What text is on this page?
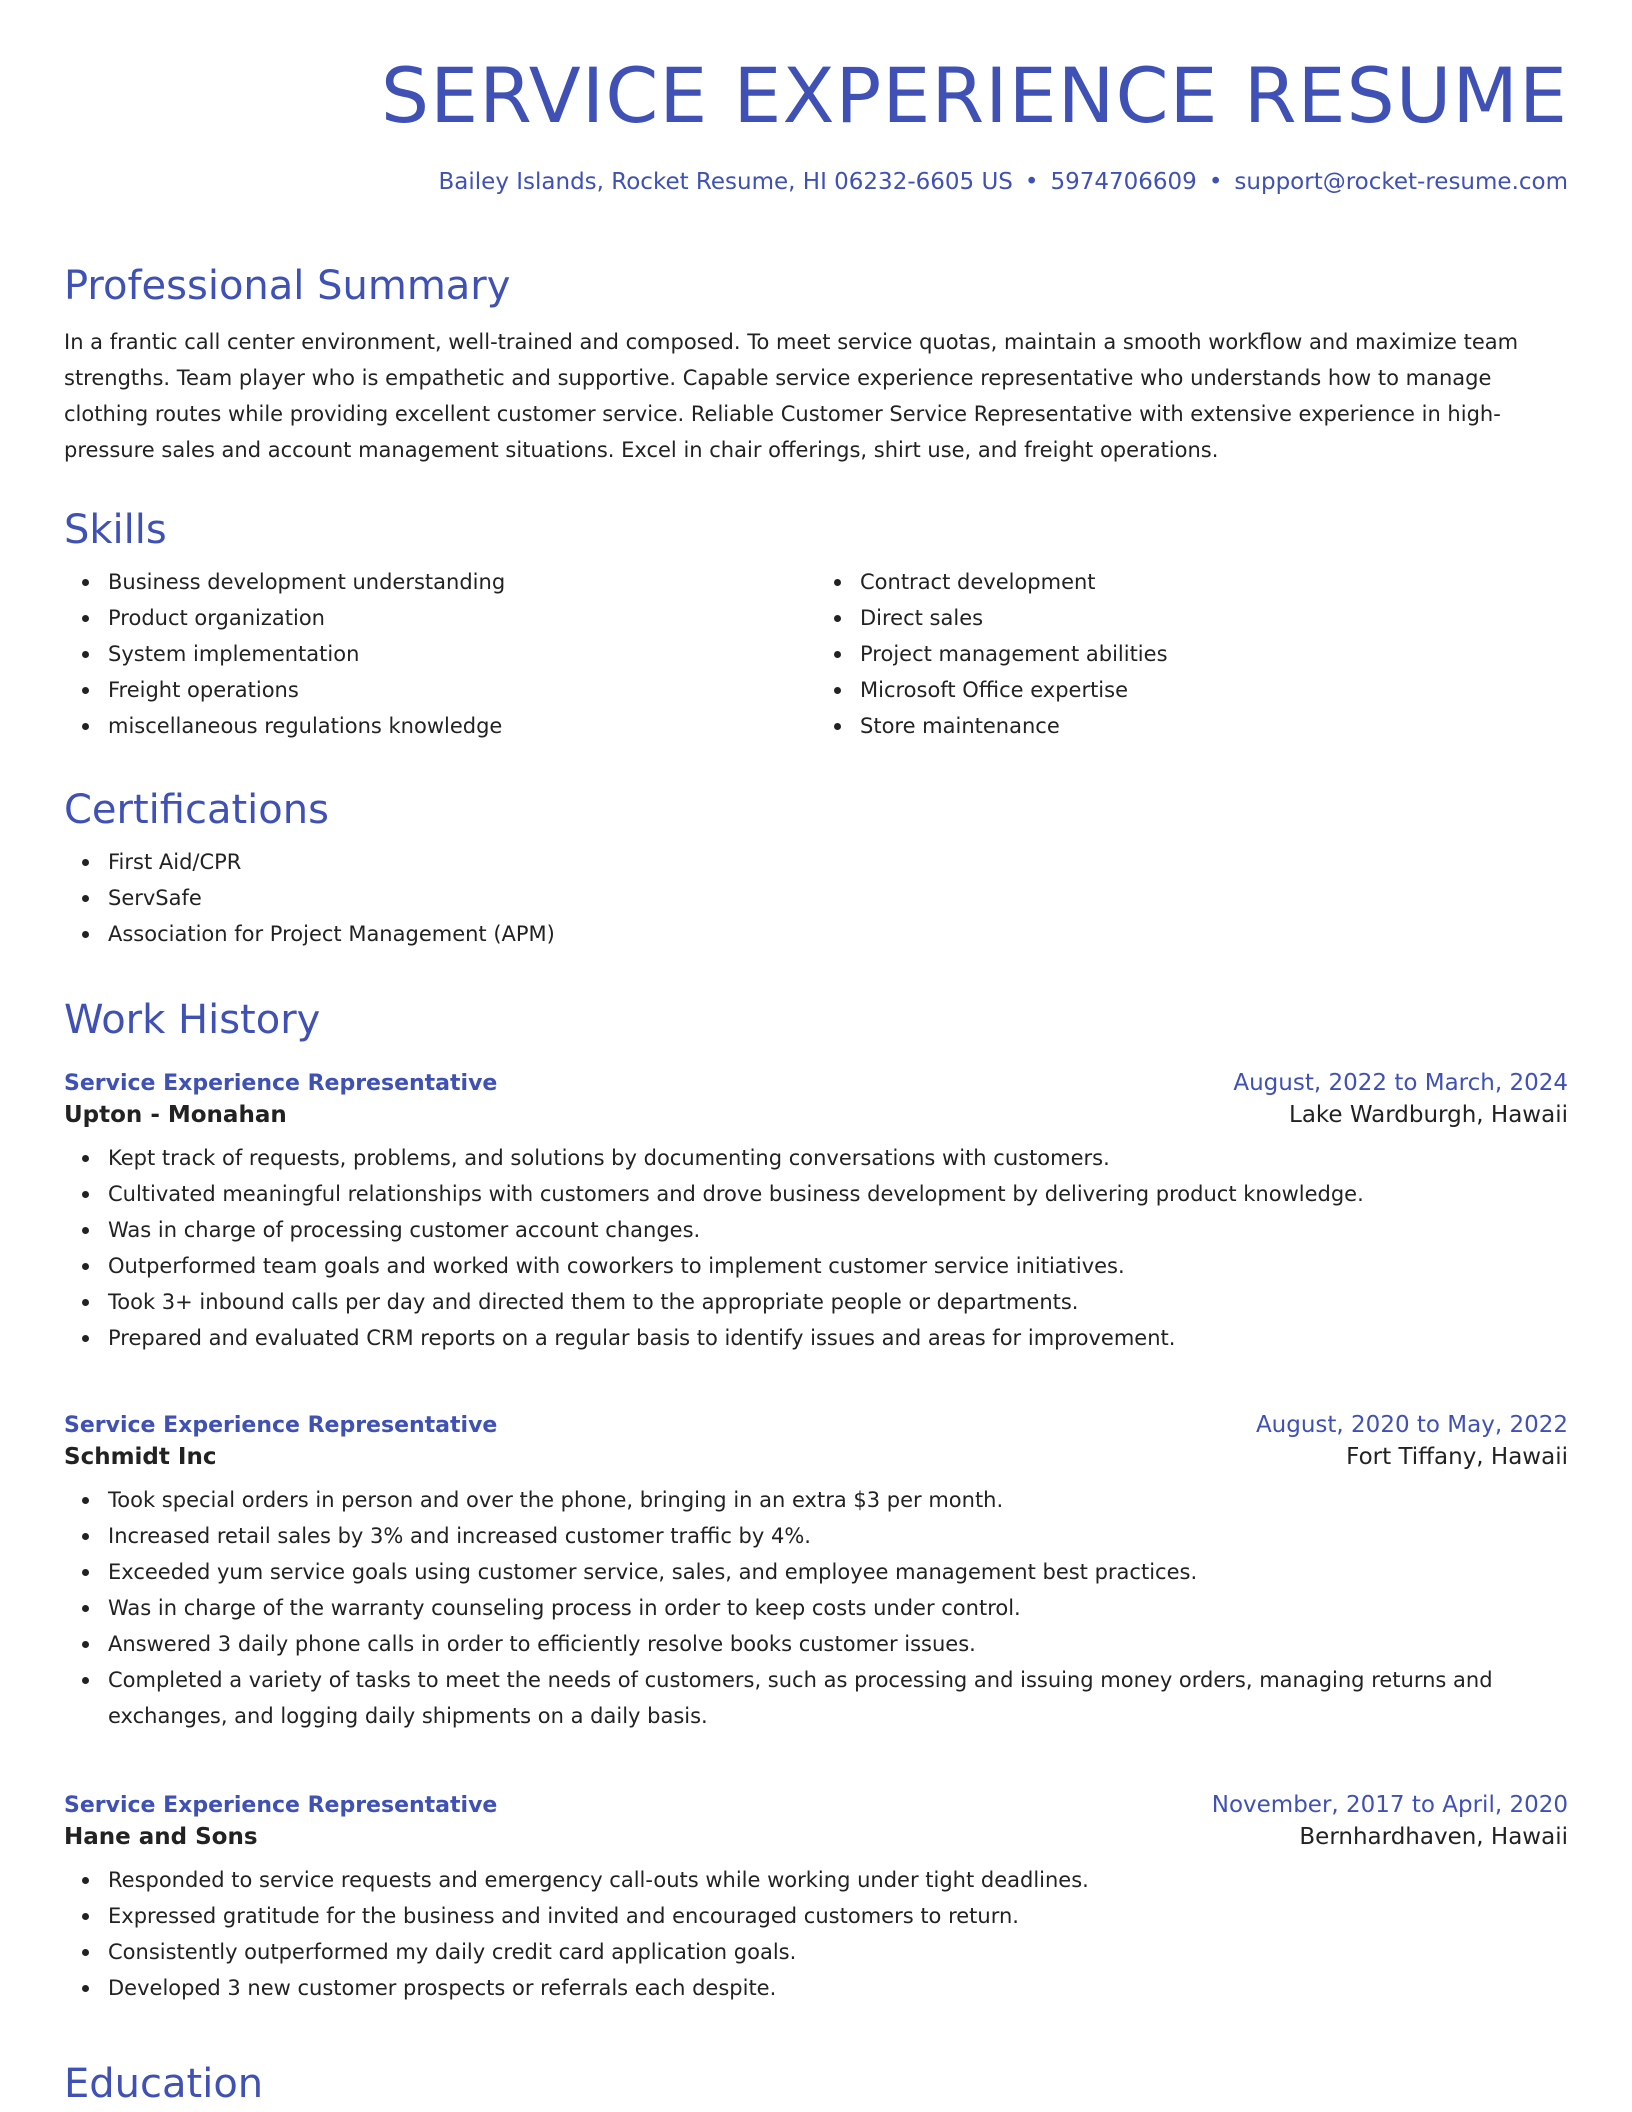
SERVICE EXPERIENCE RESUME
Bailey Islands, Rocket Resume, HI 06232-6605 US • 5974706609 • support@rocket-resume.com
Professional Summary

In a frantic call center environment, well-trained and composed. To meet service quotas, maintain a smooth workflow and maximize team strengths. Team player who is empathetic and supportive. Capable service experience representative who understands how to manage clothing routes while providing excellent customer service. Reliable Customer Service Representative with extensive experience in high-pressure sales and account management situations. Excel in chair offerings, shirt use, and freight operations.

Skills
Business development understanding
Product organization
System implementation
Freight operations
miscellaneous regulations knowledge
Contract development
Direct sales
Project management abilities
Microsoft Office expertise
Store maintenance
Certifications
First Aid/CPR
ServSafe
Association for Project Management (APM)
Work History
Service Experience Representative	August, 2022 to March, 2024
Upton - Monahan	Lake Wardburgh, Hawaii
Kept track of requests, problems, and solutions by documenting conversations with customers.
Cultivated meaningful relationships with customers and drove business development by delivering product knowledge.
Was in charge of processing customer account changes.
Outperformed team goals and worked with coworkers to implement customer service initiatives.
Took 3+ inbound calls per day and directed them to the appropriate people or departments.
Prepared and evaluated CRM reports on a regular basis to identify issues and areas for improvement.
Service Experience Representative	August, 2020 to May, 2022
Schmidt Inc	Fort Tiffany, Hawaii
Took special orders in person and over the phone, bringing in an extra $3 per month.
Increased retail sales by 3% and increased customer traffic by 4%.
Exceeded yum service goals using customer service, sales, and employee management best practices.
Was in charge of the warranty counseling process in order to keep costs under control.
Answered 3 daily phone calls in order to efficiently resolve books customer issues.
Completed a variety of tasks to meet the needs of customers, such as processing and issuing money orders, managing returns and exchanges, and logging daily shipments on a daily basis.
Service Experience Representative	November, 2017 to April, 2020
Hane and Sons	Bernhardhaven, Hawaii
Responded to service requests and emergency call-outs while working under tight deadlines.
Expressed gratitude for the business and invited and encouraged customers to return.
Consistently outperformed my daily credit card application goals.
Developed 3 new customer prospects or referrals each despite.
Education
